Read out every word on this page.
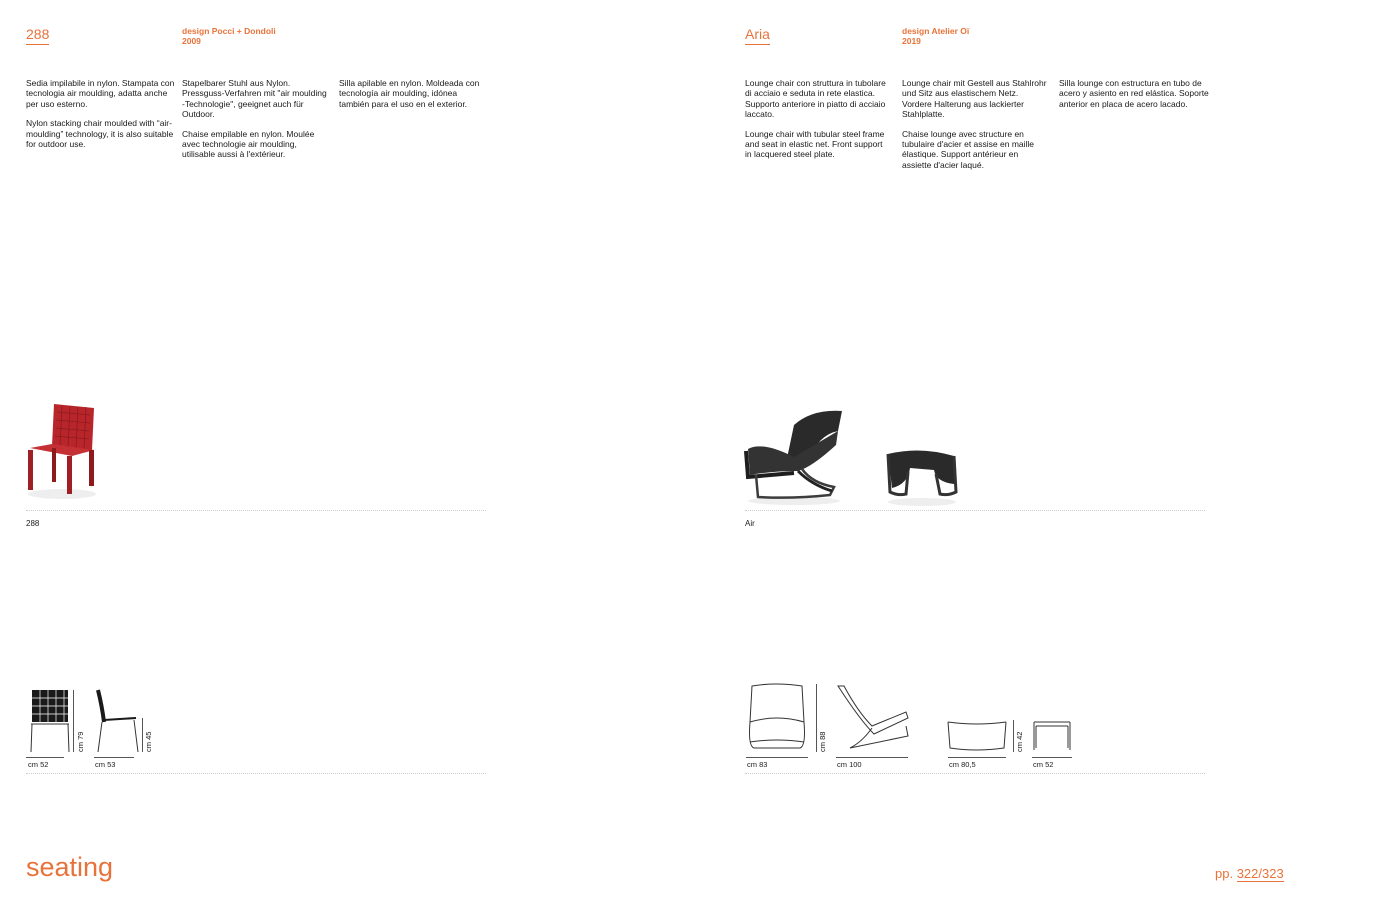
288	design Pocci + Dondoli
2009

Sedia impilabile in nylon. Stampata con tecnologia air moulding, adatta anche per uso esterno.

Nylon stacking chair moulded with “air-moulding” technology, it is also suitable for outdoor use.

Stapelbarer Stuhl aus Nylon. Pressguss-Verfahren mit "air moulding -Technologie", geeignet auch für Outdoor.

Chaise empilable en nylon. Moulée avec technologie air moulding, utilisable aussi à l'extérieur.

Silla apilable en nylon. Moldeada con tecnología air moulding, idónea también para el uso en el exterior.

288
cm 52
cm 79
cm 53
cm 45
Aria	design Atelier Oï
2019

Lounge chair con struttura in tubolare di acciaio e seduta in rete elastica. Supporto anteriore in piatto di acciaio laccato.

Lounge chair with tubular steel frame and seat in elastic net. Front support in lacquered steel plate.

Lounge chair mit Gestell aus Stahlrohr und Sitz aus elastischem Netz. Vordere Halterung aus lackierter Stahlplatte.

Chaise lounge avec structure en tubulaire d'acier et assise en maille élastique. Support antérieur en assiette d'acier laqué.

Silla lounge con estructura en tubo de acero y asiento en red elástica. Soporte anterior en placa de acero lacado.

Air
cm 83
cm 88
cm 100	cm 80,5
cm 42
cm 52
seating	pp. 322/323
